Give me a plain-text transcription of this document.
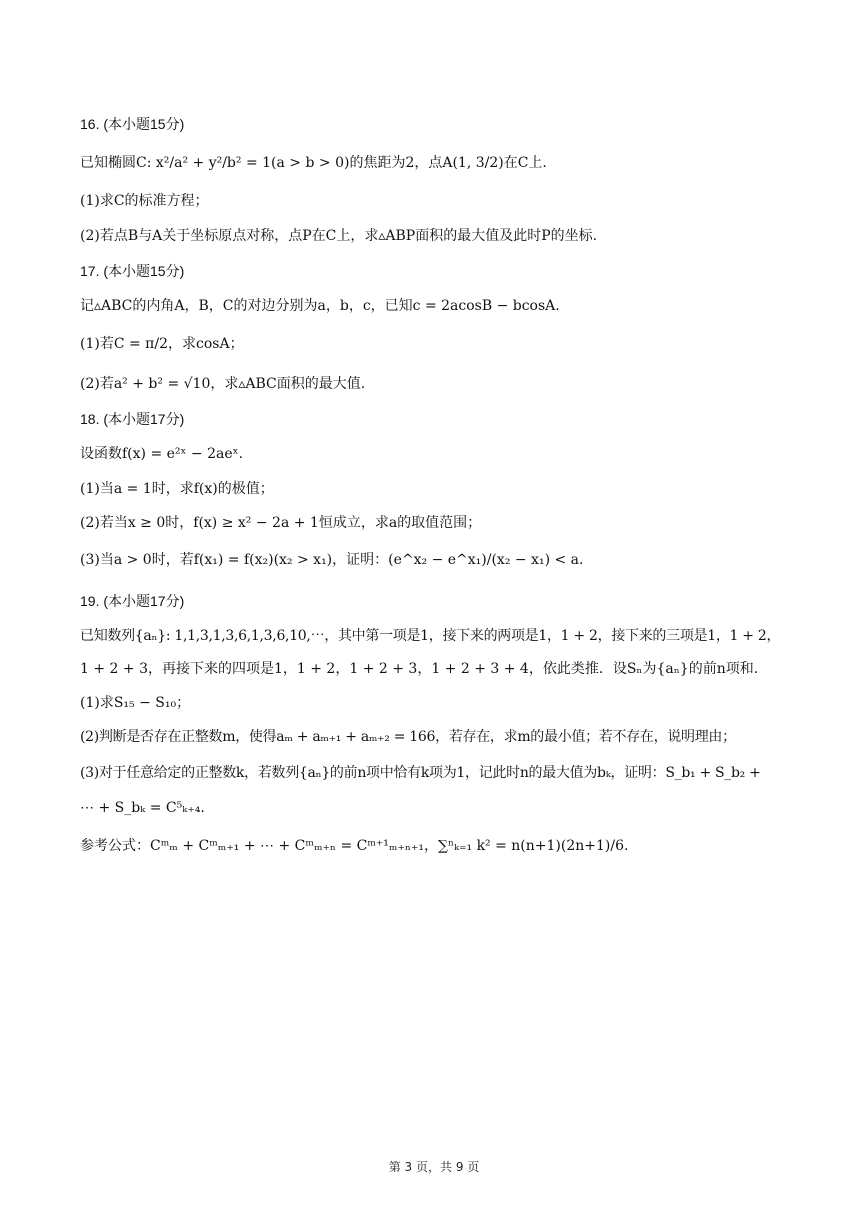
16. (本小题15分)
已知椭圆C: x²/a² + y²/b² = 1(a > b > 0)的焦距为2，点A(1, 3/2)在C上.
(1)求C的标准方程；
(2)若点B与A关于坐标原点对称，点P在C上，求▵ABP面积的最大值及此时P的坐标.
17. (本小题15分)
记▵ABC的内角A，B，C的对边分别为a，b，c，已知c = 2acosB − bcosA.
(1)若C = π/2，求cosA；
(2)若a² + b² = √10，求▵ABC面积的最大值.
18. (本小题17分)
设函数f(x) = e²ˣ − 2aeˣ.
(1)当a = 1时，求f(x)的极值；
(2)若当x ≥ 0时，f(x) ≥ x² − 2a + 1恒成立，求a的取值范围；
(3)当a > 0时，若f(x₁) = f(x₂)(x₂ > x₁)，证明：(e^x₂ − e^x₁)/(x₂ − x₁) < a.
19. (本小题17分)
已知数列{aₙ}: 1,1,3,1,3,6,1,3,6,10,⋯，其中第一项是1，接下来的两项是1，1 + 2，接下来的三项是1，1 + 2，
1 + 2 + 3，再接下来的四项是1，1 + 2，1 + 2 + 3，1 + 2 + 3 + 4，依此类推．设Sₙ为{aₙ}的前n项和.
(1)求S₁₅ − S₁₀；
(2)判断是否存在正整数m，使得aₘ + aₘ₊₁ + aₘ₊₂ = 166，若存在，求m的最小值；若不存在，说明理由；
(3)对于任意给定的正整数k，若数列{aₙ}的前n项中恰有k项为1，记此时n的最大值为bₖ，证明：S_b₁ + S_b₂ +
⋯ + S_bₖ = C⁵ₖ₊₄.
参考公式：Cᵐₘ + Cᵐₘ₊₁ + ⋯ + Cᵐₘ₊ₙ = Cᵐ⁺¹ₘ₊ₙ₊₁，∑ⁿₖ₌₁ k² = n(n+1)(2n+1)/6.
第 3 页，共 9 页
